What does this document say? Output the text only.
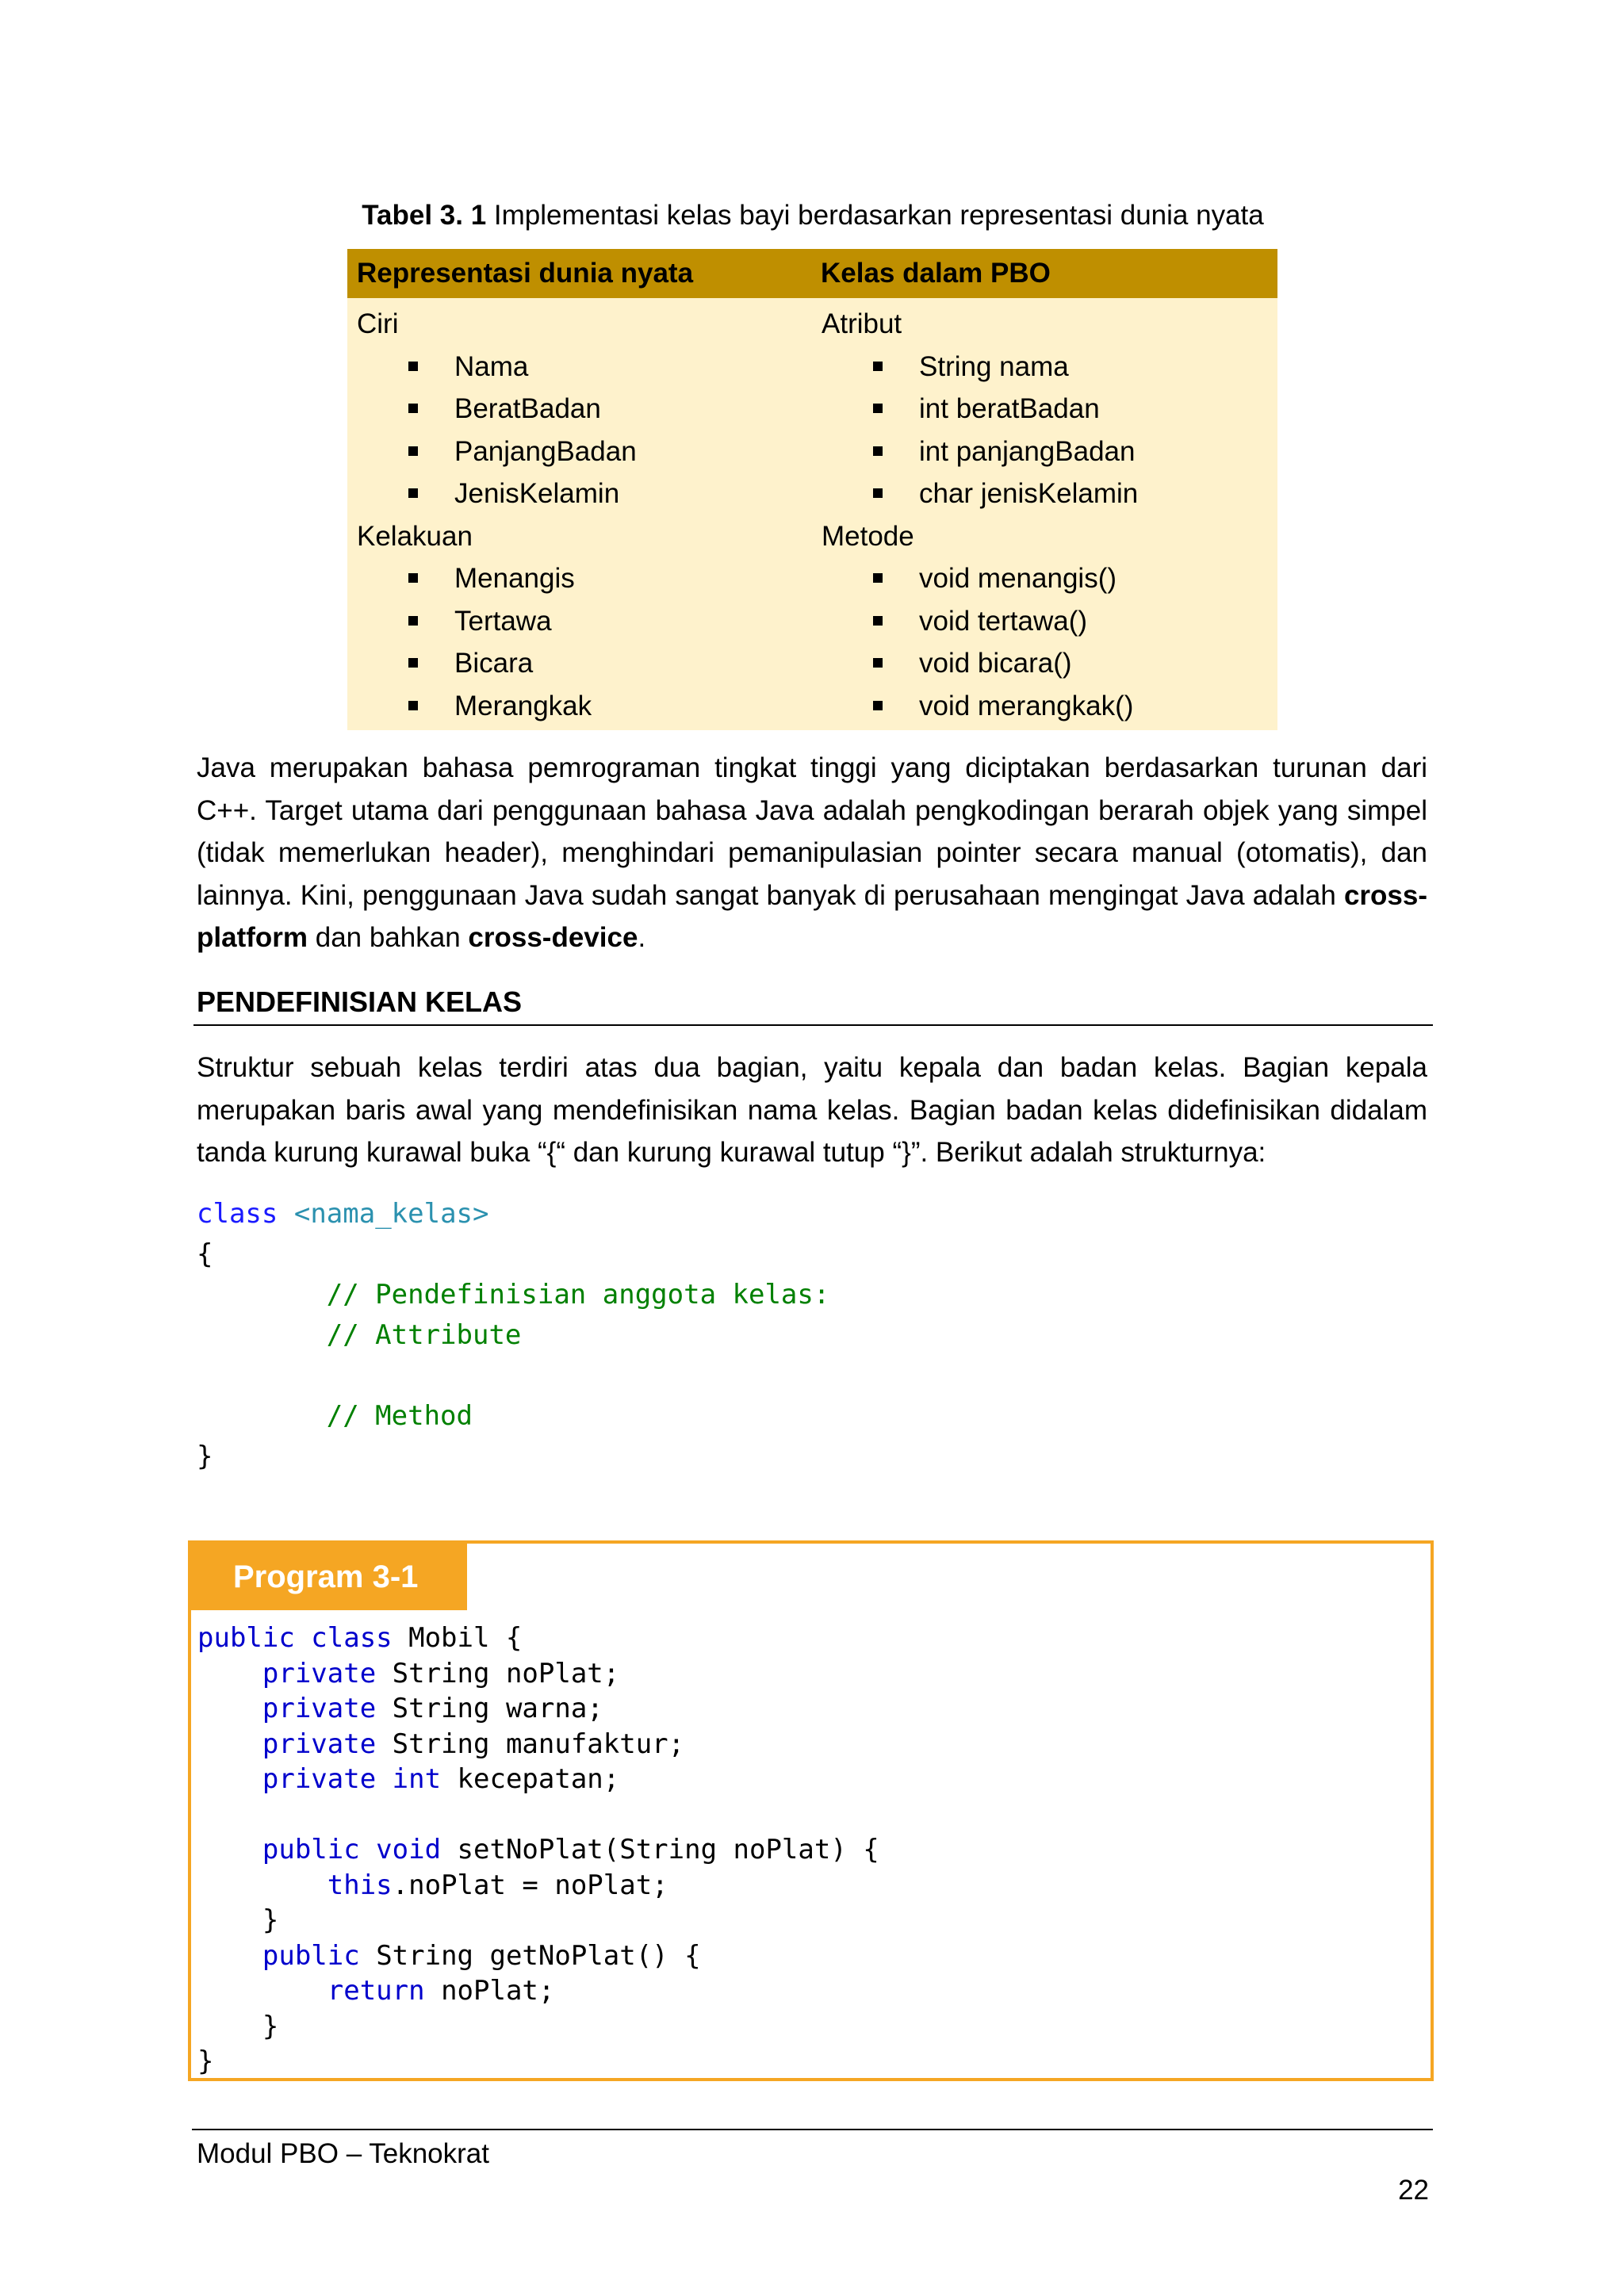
Tabel 3. 1 Implementasi kelas bayi berdasarkan representasi dunia nyata
Representasi dunia nyata	Kelas dalam PBO
Ciri
Nama
BeratBadan
PanjangBadan
JenisKelamin
Kelakuan
Menangis
Tertawa
Bicara
Merangkak
Atribut
String nama
int beratBadan
int panjangBadan
char jenisKelamin
Metode
void menangis()
void tertawa()
void bicara()
void merangkak()
Java merupakan bahasa pemrograman tingkat tinggi yang diciptakan berdasarkan turunan dari C++. Target utama dari penggunaan bahasa Java adalah pengkodingan berarah objek yang simpel (tidak memerlukan header), menghindari pemanipulasian pointer secara manual (otomatis), dan lainnya. Kini, penggunaan Java sudah sangat banyak di perusahaan mengingat Java adalah cross-platform dan bahkan cross-device.
PENDEFINISIAN KELAS
Struktur sebuah kelas terdiri atas dua bagian, yaitu kepala dan badan kelas. Bagian kepala merupakan baris awal yang mendefinisikan nama kelas. Bagian badan kelas didefinisikan didalam tanda kurung kurawal buka “{“ dan kurung kurawal tutup “}”. Berikut adalah strukturnya:
class <nama_kelas>
{
// Pendefinisian anggota kelas:
// Attribute

// Method
}
Program 3-1
public class Mobil {
private String noPlat;
private String warna;
private String manufaktur;
private int kecepatan;
public void setNoPlat(String noPlat) {
this.noPlat = noPlat;
}
public String getNoPlat() {
return noPlat;
}
}
Modul PBO – Teknokrat
22
